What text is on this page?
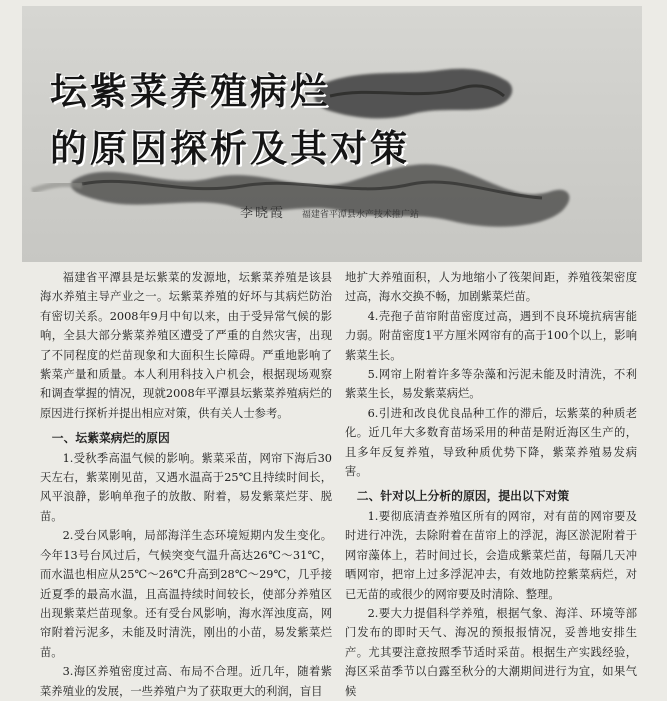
坛紫菜养殖病烂
的原因探析及其对策
李晓霞 福建省平潭县水产技术推广站

福建省平潭县是坛紫菜的发源地，坛紫菜养殖是该县海水养殖主导产业之一。坛紫菜养殖的好坏与其病烂防治有密切关系。2008年9月中旬以来，由于受异常气候的影响，全县大部分紫菜养殖区遭受了严重的自然灾害，出现了不同程度的烂苗现象和大面积生长障碍。严重地影响了紫菜产量和质量。本人利用科技入户机会，根据现场观察和调查掌握的情况，现就2008年平潭县坛紫菜养殖病烂的原因进行探析并提出相应对策，供有关人士参考。

一、坛紫菜病烂的原因

1.受秋季高温气候的影响。紫菜采苗，网帘下海后30天左右，紫菜刚见苗，又遇水温高于25℃且持续时间长，风平浪静，影响单孢子的放散、附着，易发紫菜烂芽、脱苗。

2.受台风影响，局部海洋生态环境短期内发生变化。今年13号台风过后，气候突变气温升高达26℃～31℃，而水温也相应从25℃～26℃升高到28℃～29℃，几乎接近夏季的最高水温，且高温持续时间较长，使部分养殖区出现紫菜烂苗现象。还有受台风影响，海水浑浊度高，网帘附着污泥多，未能及时清洗，刚出的小苗，易发紫菜烂苗。

3.海区养殖密度过高、布局不合理。近几年，随着紫菜养殖业的发展，一些养殖户为了获取更大的利润，盲目

地扩大养殖面积，人为地缩小了筏架间距，养殖筏架密度过高，海水交换不畅，加剧紫菜烂苗。

4.壳孢子苗帘附苗密度过高，遇到不良环境抗病害能力弱。附苗密度1平方厘米网帘有的高于100个以上，影响紫菜生长。

5.网帘上附着许多等杂藻和污泥未能及时清洗，不利紫菜生长，易发紫菜病烂。

6.引进和改良优良品种工作的滞后，坛紫菜的种质老化。近几年大多数育苗场采用的种苗是附近海区生产的，且多年反复养殖，导致种质优势下降，紫菜养殖易发病害。

二、针对以上分析的原因，提出以下对策

1.要彻底清查养殖区所有的网帘，对有苗的网帘要及时进行冲洗，去除附着在苗帘上的浮泥，海区淤泥附着于网帘藻体上，若时间过长，会造成紫菜烂苗，每隔几天冲晒网帘，把帘上过多浮泥冲去，有效地防控紫菜病烂，对已无苗的或很少的网帘要及时清除、整理。

2.要大力提倡科学养殖，根据气象、海洋、环境等部门发布的即时天气、海况的预报报情况，妥善地安排生产。尤其要注意按照季节适时采苗。根据生产实践经验，海区采苗季节以白露至秋分的大潮期间进行为宜，如果气候
